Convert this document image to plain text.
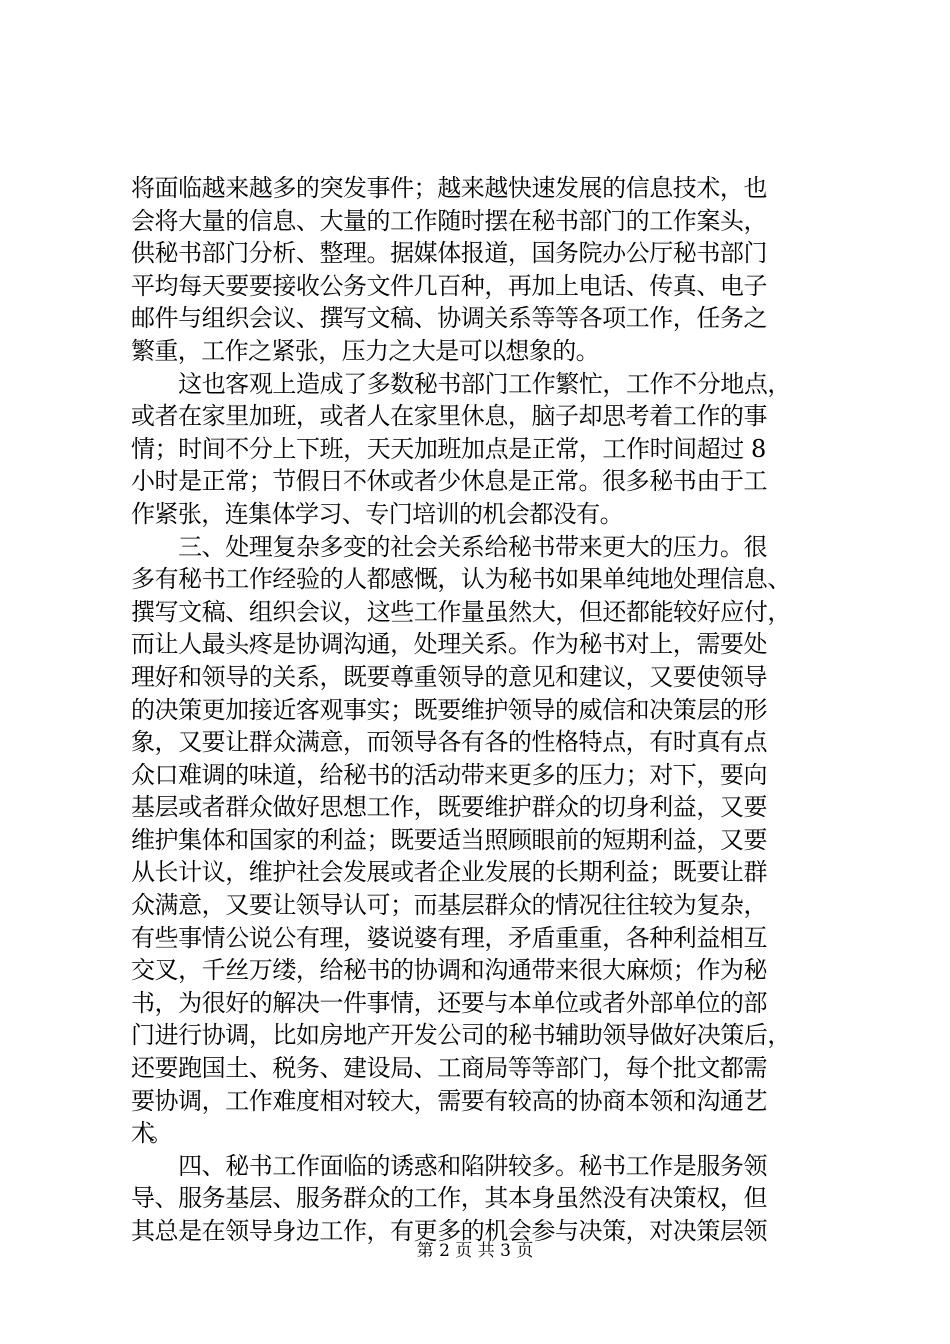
将面临越来越多的突发事件；越来越快速发展的信息技术，也
会将大量的信息、大量的工作随时摆在秘书部门的工作案头，
供秘书部门分析、整理。据媒体报道，国务院办公厅秘书部门
平均每天要要接收公务文件几百种，再加上电话、传真、电子
邮件与组织会议、撰写文稿、协调关系等等各项工作，任务之
繁重，工作之紧张，压力之大是可以想象的。
　　这也客观上造成了多数秘书部门工作繁忙，工作不分地点，
或者在家里加班，或者人在家里休息，脑子却思考着工作的事
情；时间不分上下班，天天加班加点是正常，工作时间超过 8
小时是正常；节假日不休或者少休息是正常。很多秘书由于工
作紧张，连集体学习、专门培训的机会都没有。
　　三、处理复杂多变的社会关系给秘书带来更大的压力。很
多有秘书工作经验的人都感慨，认为秘书如果单纯地处理信息、
撰写文稿、组织会议，这些工作量虽然大，但还都能较好应付，
而让人最头疼是协调沟通，处理关系。作为秘书对上，需要处
理好和领导的关系，既要尊重领导的意见和建议，又要使领导
的决策更加接近客观事实；既要维护领导的威信和决策层的形
象，又要让群众满意，而领导各有各的性格特点，有时真有点
众口难调的味道，给秘书的活动带来更多的压力；对下，要向
基层或者群众做好思想工作，既要维护群众的切身利益，又要
维护集体和国家的利益；既要适当照顾眼前的短期利益，又要
从长计议，维护社会发展或者企业发展的长期利益；既要让群
众满意，又要让领导认可；而基层群众的情况往往较为复杂，
有些事情公说公有理，婆说婆有理，矛盾重重，各种利益相互
交叉，千丝万缕，给秘书的协调和沟通带来很大麻烦；作为秘
书，为很好的解决一件事情，还要与本单位或者外部单位的部
门进行协调，比如房地产开发公司的秘书辅助领导做好决策后，
还要跑国土、税务、建设局、工商局等等部门，每个批文都需
要协调，工作难度相对较大，需要有较高的协商本领和沟通艺
术。
　　四、秘书工作面临的诱惑和陷阱较多。秘书工作是服务领
导、服务基层、服务群众的工作，其本身虽然没有决策权，但
其总是在领导身边工作，有更多的机会参与决策，对决策层领
第 2 页 共 3 页
